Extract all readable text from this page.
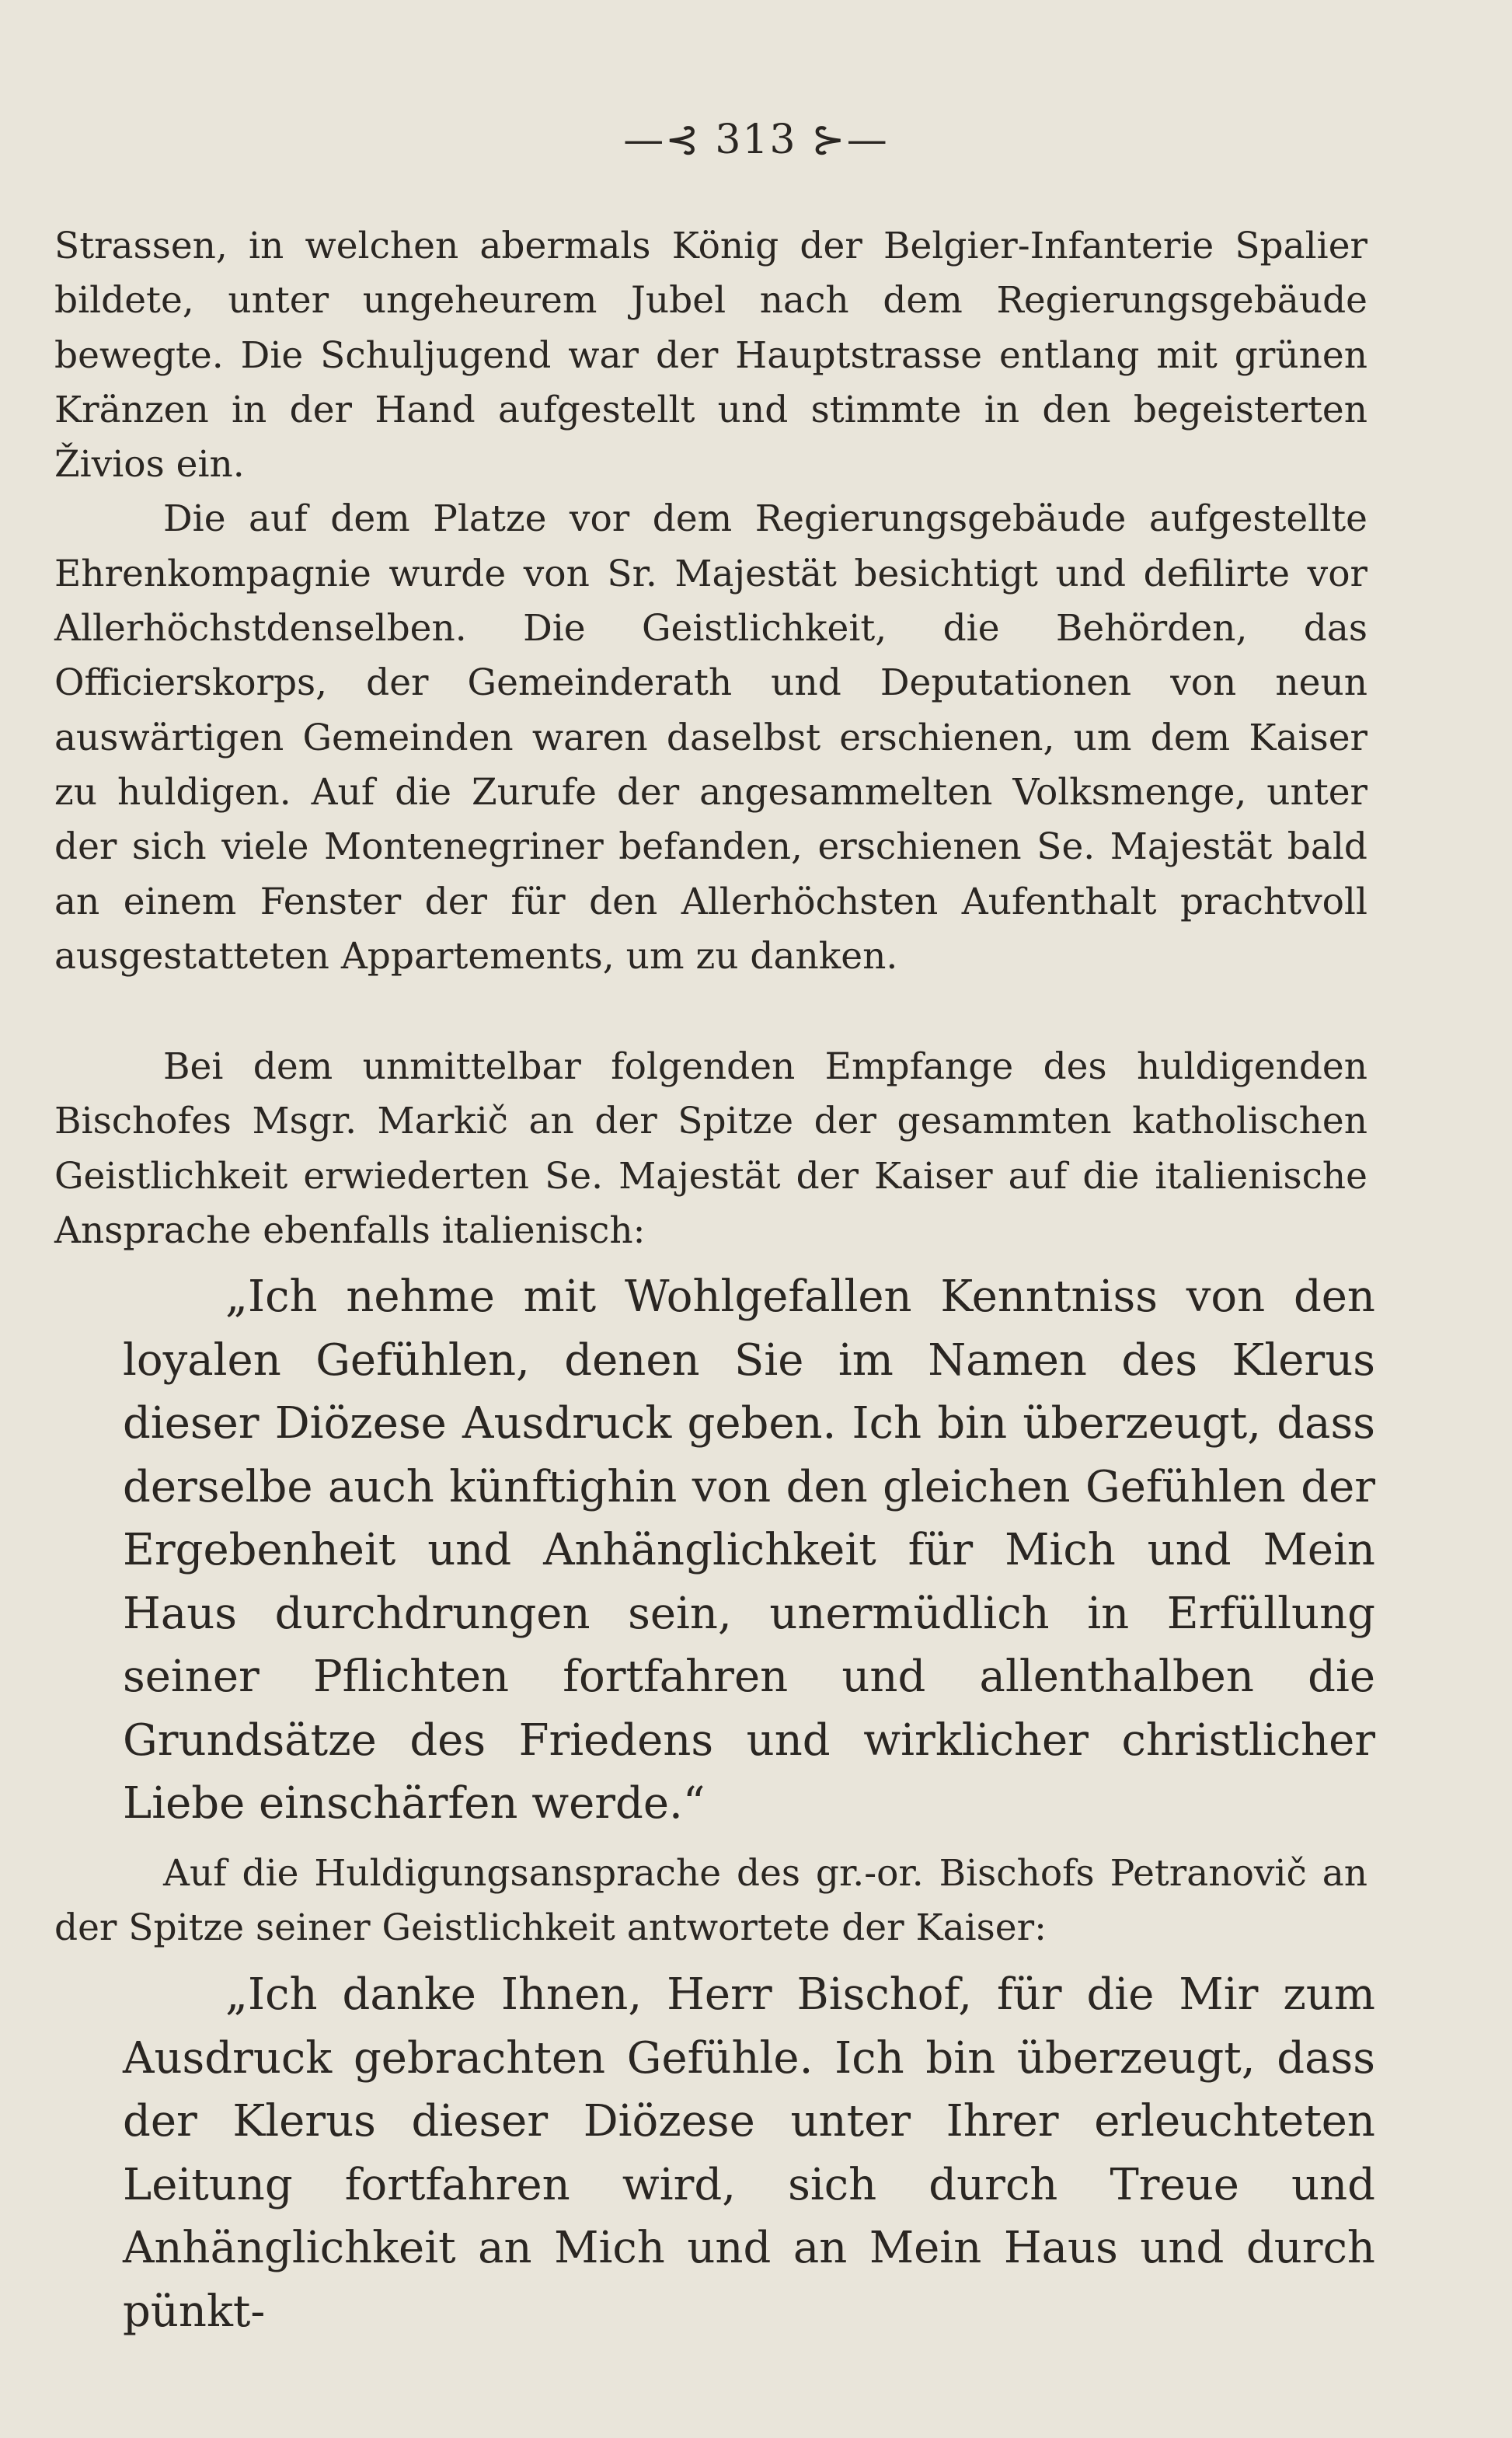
—⊰ 313 ⊱—

Strassen, in welchen abermals König der Belgier-Infanterie Spalier bildete, unter ungeheurem Jubel nach dem Regierungsgebäude bewegte. Die Schuljugend war der Hauptstrasse entlang mit grünen Kränzen in der Hand aufgestellt und stimmte in den begeisterten Živios ein.

Die auf dem Platze vor dem Regierungsgebäude aufgestellte Ehrenkompagnie wurde von Sr. Majestät besichtigt und defilirte vor Allerhöchstdenselben. Die Geistlichkeit, die Behörden, das Officierskorps, der Gemeinderath und Deputationen von neun auswärtigen Gemeinden waren daselbst erschienen, um dem Kaiser zu huldigen. Auf die Zurufe der angesammelten Volksmenge, unter der sich viele Montenegriner befanden, erschienen Se. Majestät bald an einem Fenster der für den Allerhöchsten Aufenthalt prachtvoll ausgestatteten Appartements, um zu danken.

Bei dem unmittelbar folgenden Empfange des huldigenden Bischofes Msgr. Markič an der Spitze der gesammten katholischen Geistlichkeit erwiederten Se. Majestät der Kaiser auf die italienische Ansprache ebenfalls italienisch:

„Ich nehme mit Wohlgefallen Kenntniss von den loyalen Gefühlen, denen Sie im Namen des Klerus dieser Diözese Ausdruck geben. Ich bin überzeugt, dass derselbe auch künftighin von den gleichen Gefühlen der Ergebenheit und Anhänglichkeit für Mich und Mein Haus durchdrungen sein, unermüdlich in Erfüllung seiner Pflichten fortfahren und allenthalben die Grundsätze des Friedens und wirklicher christlicher Liebe einschärfen werde.“

Auf die Huldigungsansprache des gr.-or. Bischofs Petranovič an der Spitze seiner Geistlichkeit antwortete der Kaiser:

„Ich danke Ihnen, Herr Bischof, für die Mir zum Ausdruck gebrachten Gefühle. Ich bin überzeugt, dass der Klerus dieser Diözese unter Ihrer erleuchteten Leitung fortfahren wird, sich durch Treue und Anhänglichkeit an Mich und an Mein Haus und durch pünkt-
